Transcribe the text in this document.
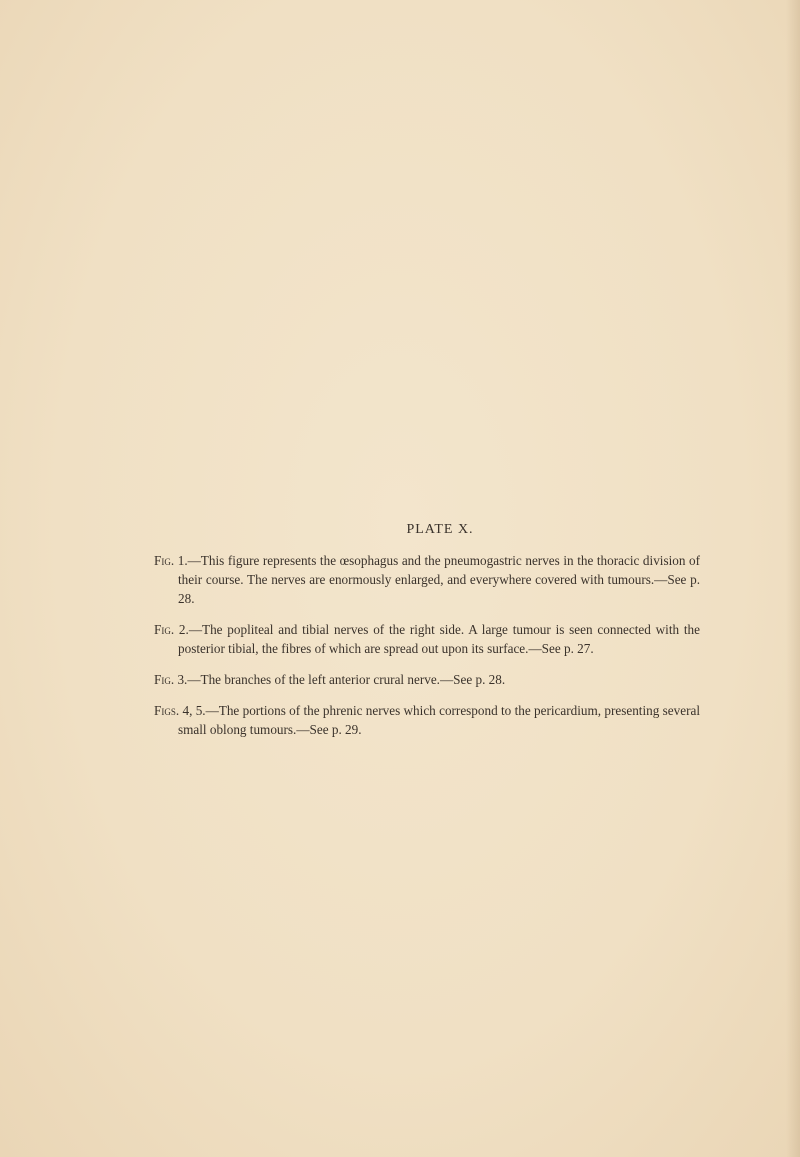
PLATE X.

Fig. 1.—This figure represents the œsophagus and the pneumogastric nerves in the thoracic division of their course. The nerves are enormously enlarged, and everywhere covered with tumours.—See p. 28.

Fig. 2.—The popliteal and tibial nerves of the right side. A large tumour is seen connected with the posterior tibial, the fibres of which are spread out upon its surface.—See p. 27.

Fig. 3.—The branches of the left anterior crural nerve.—See p. 28.

Figs. 4, 5.—The portions of the phrenic nerves which correspond to the pericardium, presenting several small oblong tumours.—See p. 29.
